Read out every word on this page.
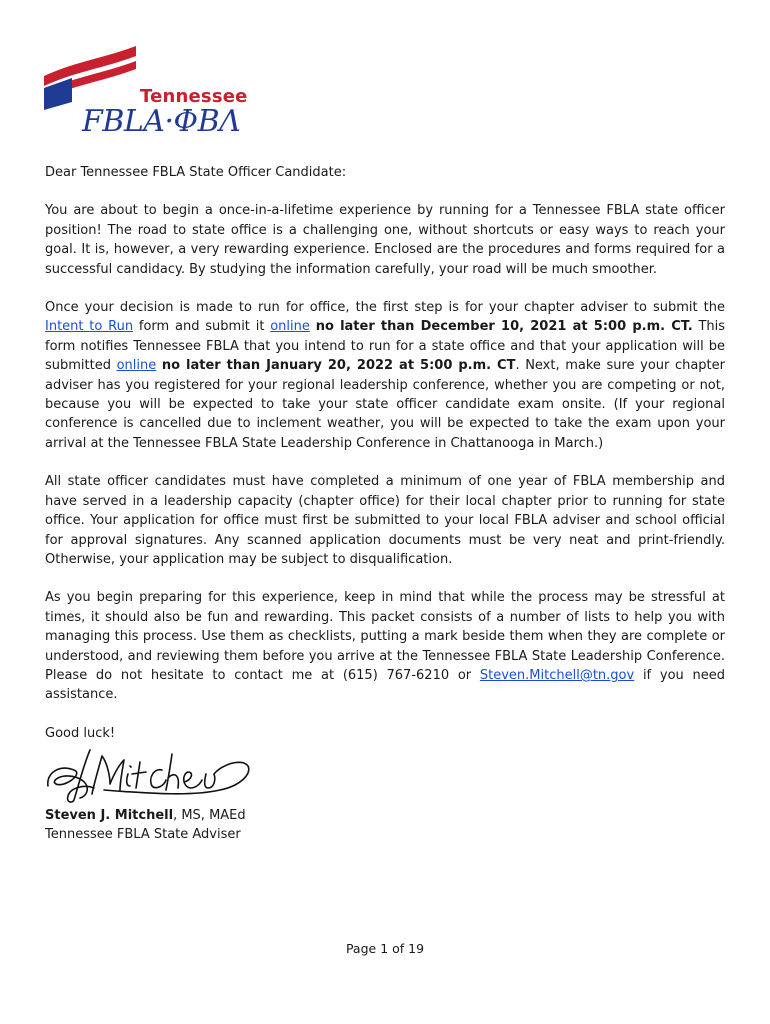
Tennessee
FBLA·ΦΒΛ

Dear Tennessee FBLA State Officer Candidate:

You are about to begin a once-in-a-lifetime experience by running for a Tennessee FBLA state officer position! The road to state office is a challenging one, without shortcuts or easy ways to reach your goal. It is, however, a very rewarding experience. Enclosed are the procedures and forms required for a successful candidacy. By studying the information carefully, your road will be much smoother.

Once your decision is made to run for office, the first step is for your chapter adviser to submit the Intent to Run form and submit it online no later than December 10, 2021 at 5:00 p.m. CT. This form notifies Tennessee FBLA that you intend to run for a state office and that your application will be submitted online no later than January 20, 2022 at 5:00 p.m. CT. Next, make sure your chapter adviser has you registered for your regional leadership conference, whether you are competing or not, because you will be expected to take your state officer candidate exam onsite. (If your regional conference is cancelled due to inclement weather, you will be expected to take the exam upon your arrival at the Tennessee FBLA State Leadership Conference in Chattanooga in March.)

All state officer candidates must have completed a minimum of one year of FBLA membership and have served in a leadership capacity (chapter office) for their local chapter prior to running for state office. Your application for office must first be submitted to your local FBLA adviser and school official for approval signatures. Any scanned application documents must be very neat and print-friendly. Otherwise, your application may be subject to disqualification.

As you begin preparing for this experience, keep in mind that while the process may be stressful at times, it should also be fun and rewarding. This packet consists of a number of lists to help you with managing this process. Use them as checklists, putting a mark beside them when they are complete or understood, and reviewing them before you arrive at the Tennessee FBLA State Leadership Conference. Please do not hesitate to contact me at (615) 767-6210 or Steven.Mitchell@tn.gov if you need assistance.

Good luck!

Steven J. Mitchell, MS, MAEd
Tennessee FBLA State Adviser
Page 1 of 19
